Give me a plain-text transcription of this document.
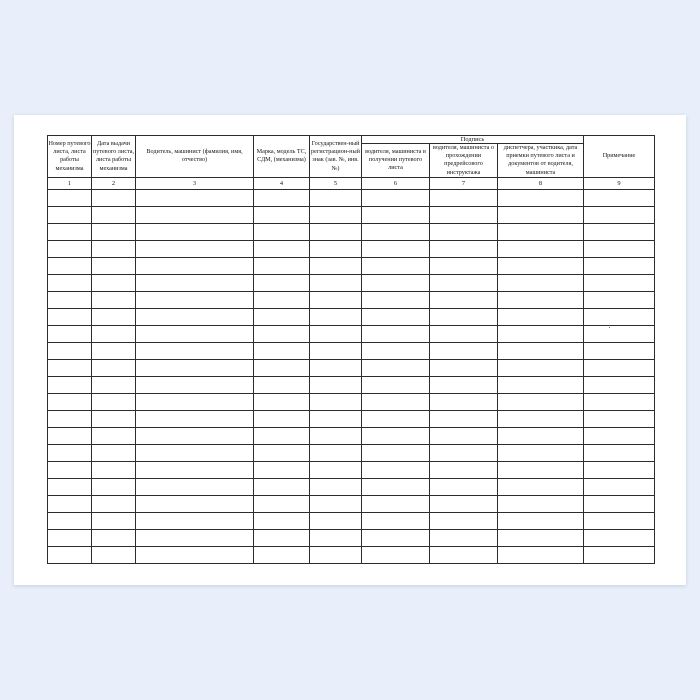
Номер путевого листа, листа работы механизма	Дата выдачи путевого листа, листа работы механизма	Водитель, машинист (фамилия, имя, отчество)	Марка, модель ТС, СДМ, (механизма)	Государствен-ный регистрацион-ный знак (зав. №, инв. №)	Подпись			Примечание
					водителя, машиниста в получении путевого листа	водителя, машиниста о прохождении предрейсового инструктажа	диспетчера, участкика, дата приемки путевого листа и документов от водителя, машиниста	
1	2	3	4	5	6	7	8	9
